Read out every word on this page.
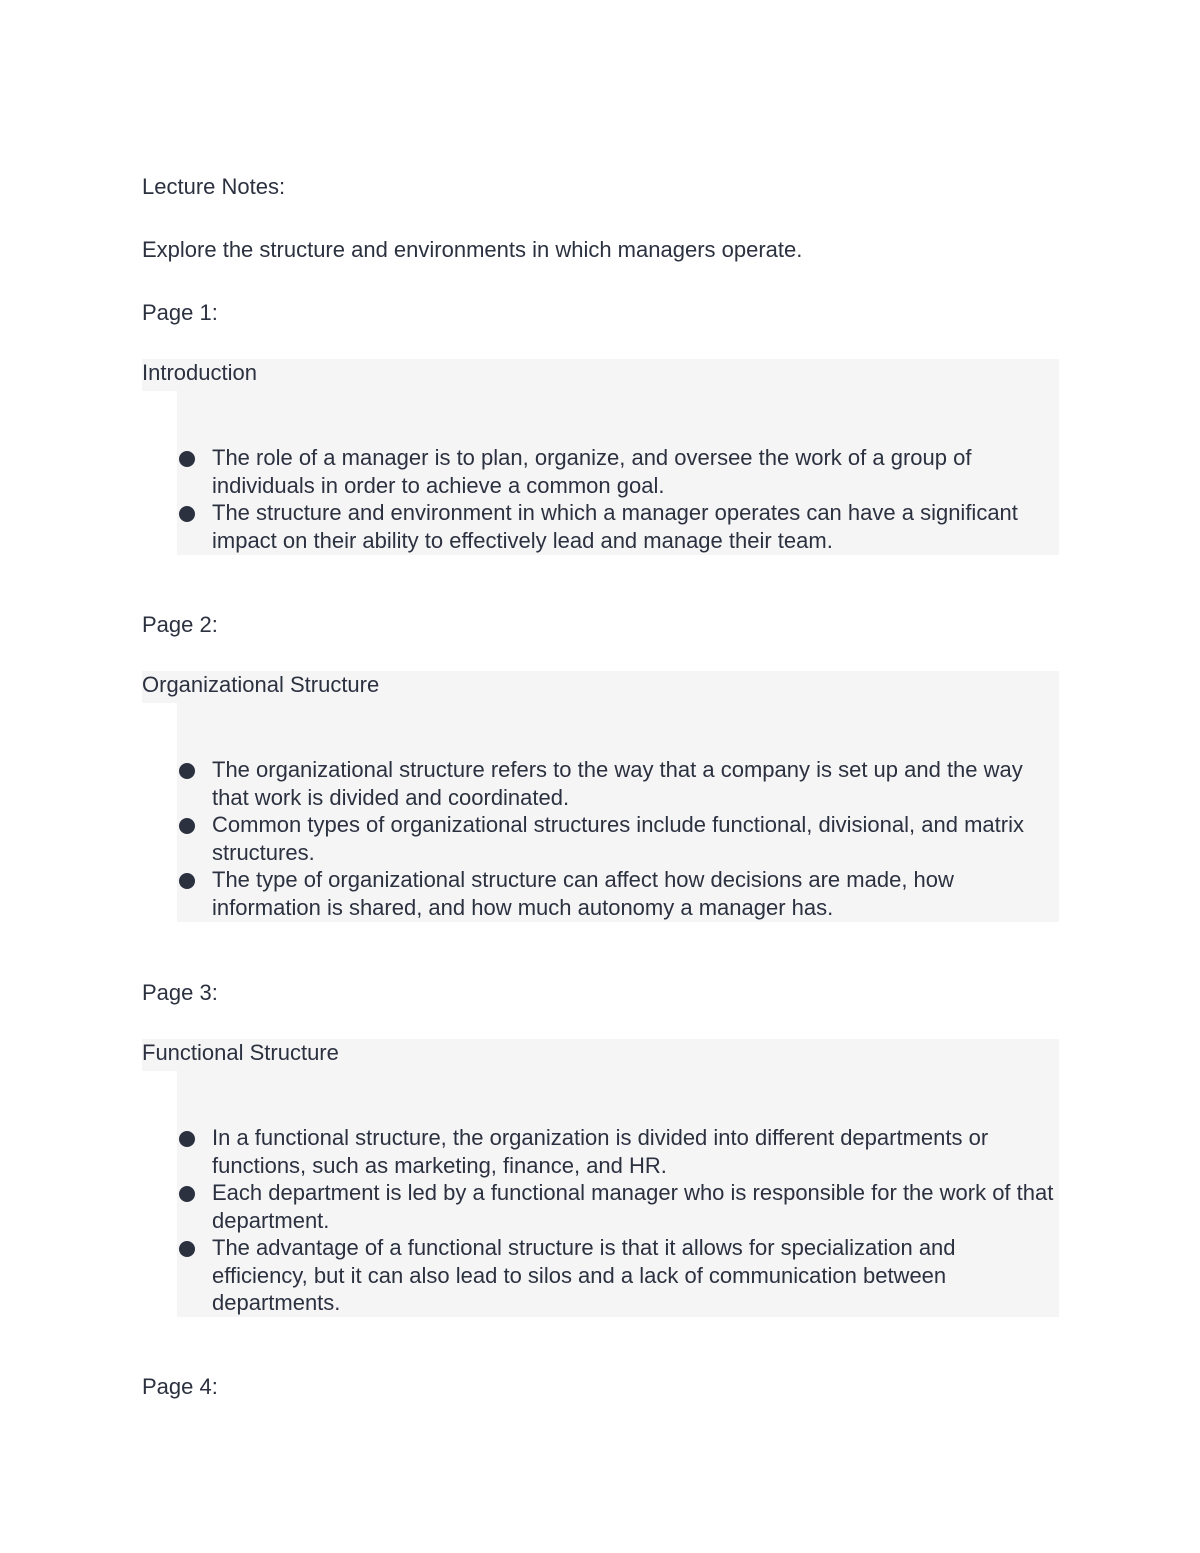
Lecture Notes:
Explore the structure and environments in which managers operate.
Page 1:
Introduction
The role of a manager is to plan, organize, and oversee the work of a group of individuals in order to achieve a common goal.
The structure and environment in which a manager operates can have a significant impact on their ability to effectively lead and manage their team.
Page 2:
Organizational Structure
The organizational structure refers to the way that a company is set up and the way that work is divided and coordinated.
Common types of organizational structures include functional, divisional, and matrix structures.
The type of organizational structure can affect how decisions are made, how information is shared, and how much autonomy a manager has.
Page 3:
Functional Structure
In a functional structure, the organization is divided into different departments or functions, such as marketing, finance, and HR.
Each department is led by a functional manager who is responsible for the work of that department.
The advantage of a functional structure is that it allows for specialization and efficiency, but it can also lead to silos and a lack of communication between departments.
Page 4:
